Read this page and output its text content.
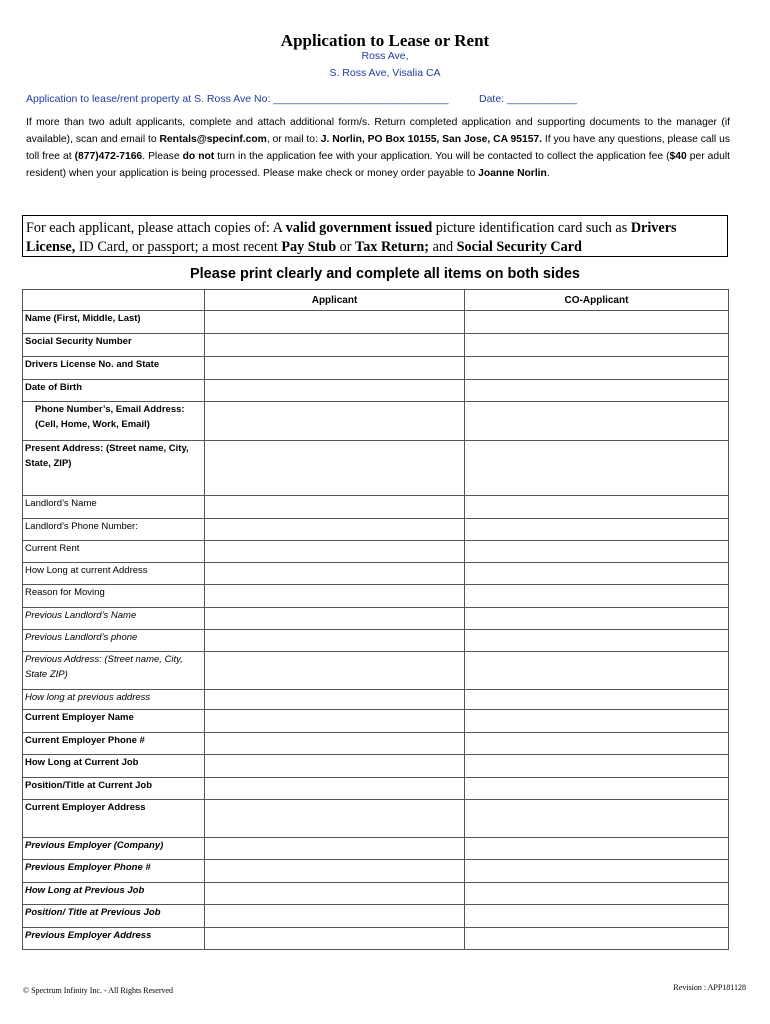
Application to Lease or Rent
Ross Ave,
S. Ross Ave, Visalia CA
Application to lease/rent property at S. Ross Ave No: ______________________________	Date: ____________
If more than two adult applicants, complete and attach additional form/s. Return completed application and supporting documents to the manager (if available), scan and email to Rentals@specinf.com, or mail to: J. Norlin, PO Box 10155, San Jose, CA 95157. If you have any questions, please call us toll free at (877)472-7166. Please do not turn in the application fee with your application. You will be contacted to collect the application fee ($40 per adult resident) when your application is being processed. Please make check or money order payable to Joanne Norlin.
For each applicant, please attach copies of: A valid government issued picture identification card such as Drivers License, ID Card, or passport; a most recent Pay Stub or Tax Return; and Social Security Card
Please print clearly and complete all items on both sides
	Applicant	CO-Applicant
Name (First, Middle, Last)		
Social Security Number		
Drivers License No. and State		
Date of Birth		
Phone Number’s, Email Address: (Cell, Home, Work, Email)		
Present Address: (Street name, City, State, ZIP)		
Landlord’s Name		
Landlord’s Phone Number:		
Current Rent		
How Long at current Address		
Reason for Moving		
Previous Landlord’s Name		
Previous Landlord’s phone		
Previous Address: (Street name, City, State ZIP)		
How long at previous address		
Current Employer Name		
Current Employer Phone #		
How Long at Current Job		
Position/Title at Current Job		
Current Employer Address		
Previous Employer (Company)		
Previous Employer Phone #		
How Long at Previous Job		
Position/ Title at Previous Job		
Previous Employer Address		
© Spectrum Infinity Inc. - All Rights Reserved	Revision : APP181128
